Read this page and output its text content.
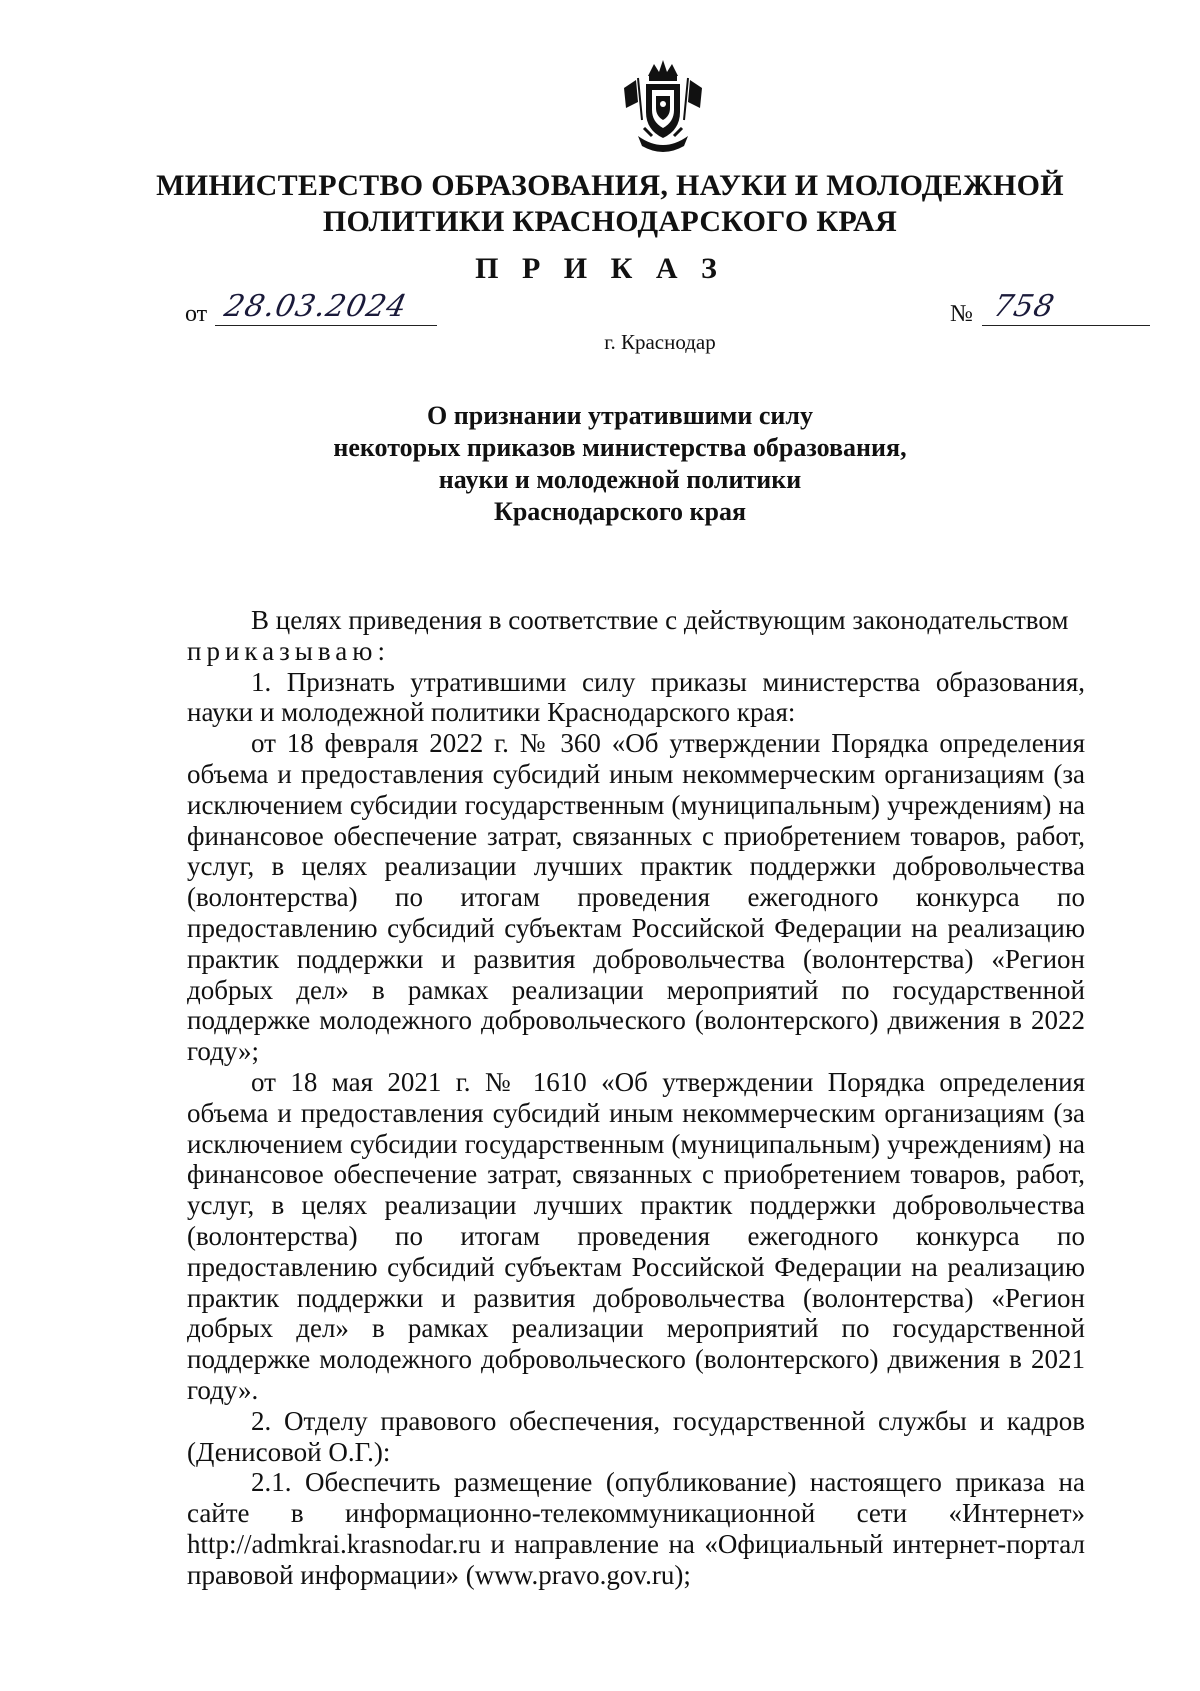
МИНИСТЕРСТВО ОБРАЗОВАНИЯ, НАУКИ И МОЛОДЕЖНОЙ
ПОЛИТИКИ КРАСНОДАРСКОГО КРАЯ
П Р И К А З
от 28.03.2024	№ 758
г. Краснодар
О признании утратившими силу
некоторых приказов министерства образования,
науки и молодежной политики
Краснодарского края

В целях приведения в соответствие с действующим законодательством

приказываю:

1. Признать утратившими силу приказы министерства образования, науки и молодежной политики Краснодарского края:

от 18 февраля 2022 г. № 360 «Об утверждении Порядка определения объема и предоставления субсидий иным некоммерческим организациям (за исключением субсидии государственным (муниципальным) учреждениям) на финансовое обеспечение затрат, связанных с приобретением товаров, работ, услуг, в целях реализации лучших практик поддержки добровольчества (волонтерства) по итогам проведения ежегодного конкурса по предоставлению субсидий субъектам Российской Федерации на реализацию практик поддержки и развития добровольчества (волонтерства) «Регион добрых дел» в рамках реализации мероприятий по государственной поддержке молодежного добровольческого (волонтерского) движения в 2022 году»;

от 18 мая 2021 г. № 1610 «Об утверждении Порядка определения объема и предоставления субсидий иным некоммерческим организациям (за исключением субсидии государственным (муниципальным) учреждениям) на финансовое обеспечение затрат, связанных с приобретением товаров, работ, услуг, в целях реализации лучших практик поддержки добровольчества (волонтерства) по итогам проведения ежегодного конкурса по предоставлению субсидий субъектам Российской Федерации на реализацию практик поддержки и развития добровольчества (волонтерства) «Регион добрых дел» в рамках реализации мероприятий по государственной поддержке молодежного добровольческого (волонтерского) движения в 2021 году».

2. Отделу правового обеспечения, государственной службы и кадров (Денисовой О.Г.):

2.1. Обеспечить размещение (опубликование) настоящего приказа на сайте в информационно-телекоммуникационной сети «Интернет» http://admkrai.krasnodar.ru и направление на «Официальный интернет-портал правовой информации» (www.pravo.gov.ru);
